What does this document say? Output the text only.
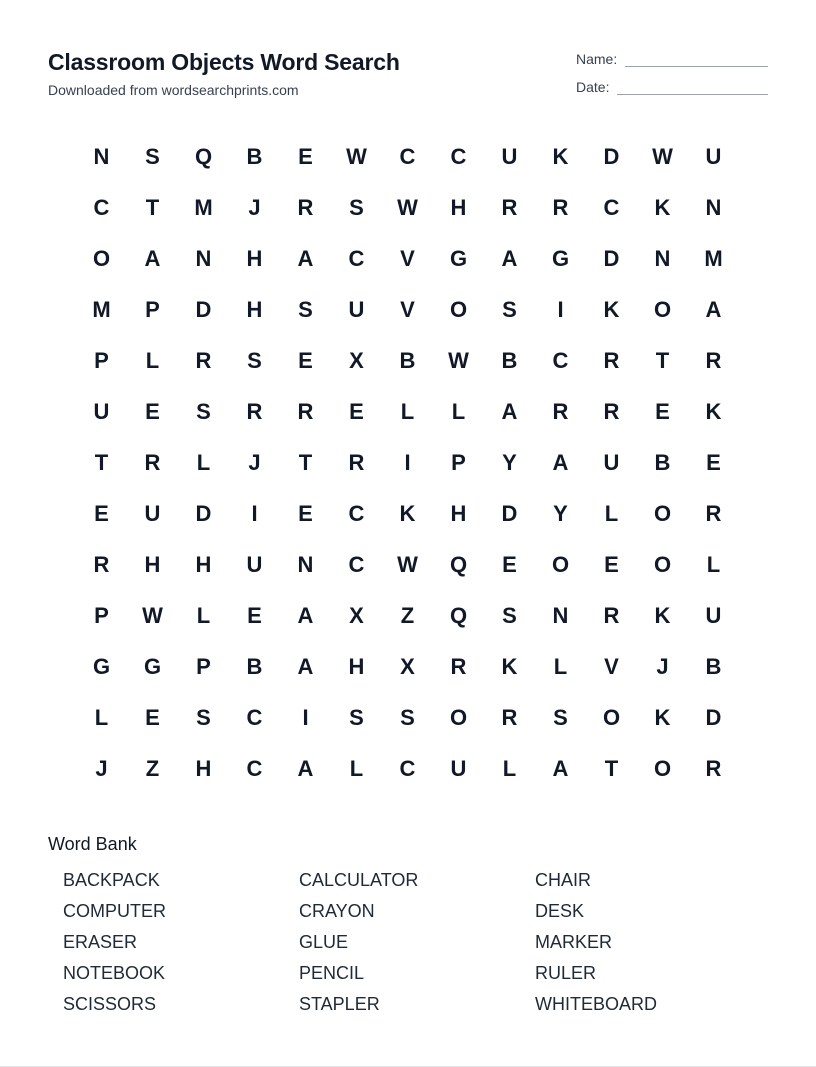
Classroom Objects Word Search
Downloaded from wordsearchprints.com
Name:
Date:
N	S	Q	B	E	W	C	C	U	K	D	W	U
C	T	M	J	R	S	W	H	R	R	C	K	N
O	A	N	H	A	C	V	G	A	G	D	N	M
M	P	D	H	S	U	V	O	S	I	K	O	A
P	L	R	S	E	X	B	W	B	C	R	T	R
U	E	S	R	R	E	L	L	A	R	R	E	K
T	R	L	J	T	R	I	P	Y	A	U	B	E
E	U	D	I	E	C	K	H	D	Y	L	O	R
R	H	H	U	N	C	W	Q	E	O	E	O	L
P	W	L	E	A	X	Z	Q	S	N	R	K	U
G	G	P	B	A	H	X	R	K	L	V	J	B
L	E	S	C	I	S	S	O	R	S	O	K	D
J	Z	H	C	A	L	C	U	L	A	T	O	R
Word Bank
BACKPACK	CALCULATOR	CHAIR
COMPUTER	CRAYON	DESK
ERASER	GLUE	MARKER
NOTEBOOK	PENCIL	RULER
SCISSORS	STAPLER	WHITEBOARD
